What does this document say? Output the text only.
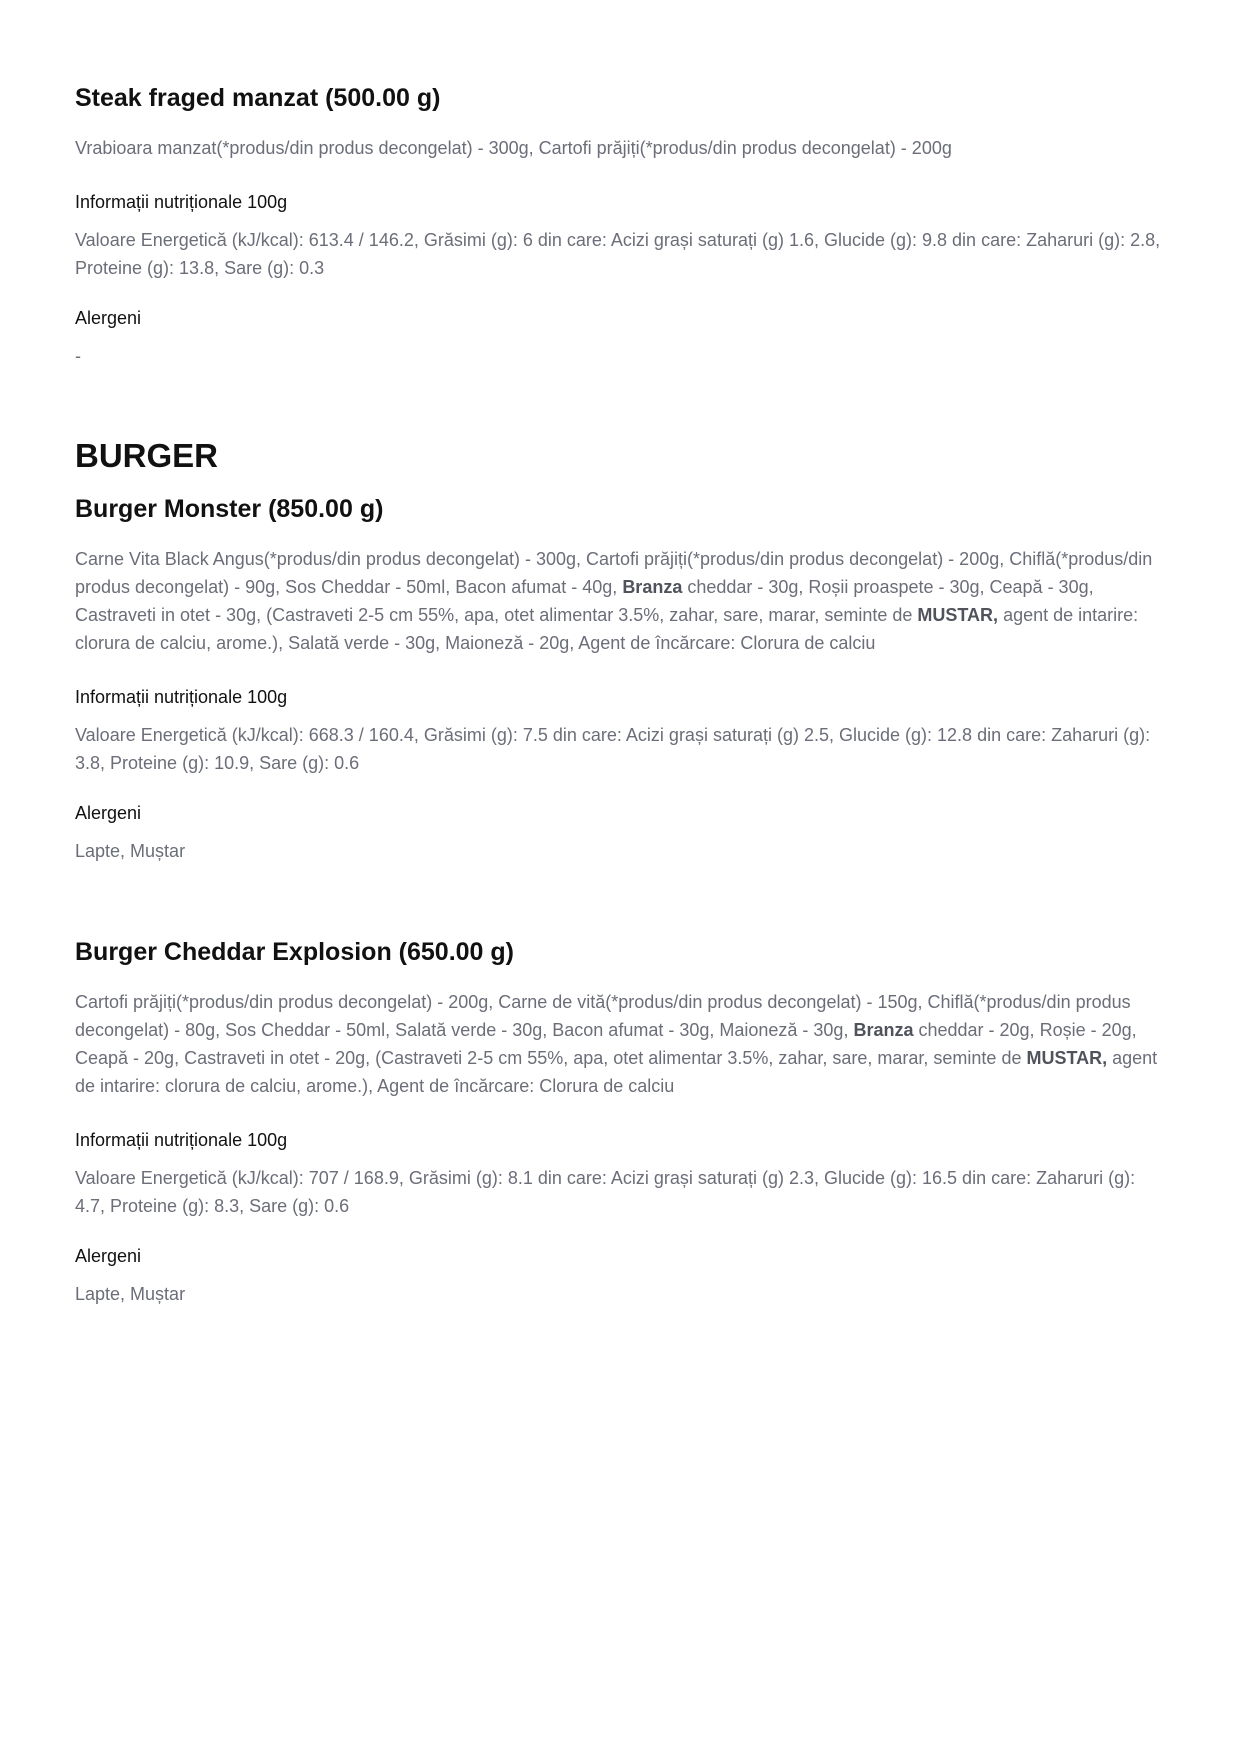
Steak fraged manzat (500.00 g)

Vrabioara manzat(*produs/din produs decongelat) - 300g, Cartofi prăjiți(*produs/din produs decongelat) - 200g

Informații nutriționale 100g

Valoare Energetică (kJ/kcal): 613.4 / 146.2, Grăsimi (g): 6 din care: Acizi grași saturați (g) 1.6, Glucide (g): 9.8 din care: Zaharuri (g): 2.8, Proteine (g): 13.8, Sare (g): 0.3

Alergeni

-

BURGER
Burger Monster (850.00 g)

Carne Vita Black Angus(*produs/din produs decongelat) - 300g, Cartofi prăjiți(*produs/din produs decongelat) - 200g, Chiflă(*produs/din produs decongelat) - 90g, Sos Cheddar - 50ml, Bacon afumat - 40g, Branza cheddar - 30g, Roșii proaspete - 30g, Ceapă - 30g, Castraveti in otet - 30g, (Castraveti 2-5 cm 55%, apa, otet alimentar 3.5%, zahar, sare, marar, seminte de MUSTAR, agent de intarire: clorura de calciu, arome.), Salată verde - 30g, Maioneză - 20g, Agent de încărcare: Clorura de calciu

Informații nutriționale 100g

Valoare Energetică (kJ/kcal): 668.3 / 160.4, Grăsimi (g): 7.5 din care: Acizi grași saturați (g) 2.5, Glucide (g): 12.8 din care: Zaharuri (g): 3.8, Proteine (g): 10.9, Sare (g): 0.6

Alergeni

Lapte, Muștar

Burger Cheddar Explosion (650.00 g)

Cartofi prăjiți(*produs/din produs decongelat) - 200g, Carne de vită(*produs/din produs decongelat) - 150g, Chiflă(*produs/din produs decongelat) - 80g, Sos Cheddar - 50ml, Salată verde - 30g, Bacon afumat - 30g, Maioneză - 30g, Branza cheddar - 20g, Roșie - 20g, Ceapă - 20g, Castraveti in otet - 20g, (Castraveti 2-5 cm 55%, apa, otet alimentar 3.5%, zahar, sare, marar, seminte de MUSTAR, agent de intarire: clorura de calciu, arome.), Agent de încărcare: Clorura de calciu

Informații nutriționale 100g

Valoare Energetică (kJ/kcal): 707 / 168.9, Grăsimi (g): 8.1 din care: Acizi grași saturați (g) 2.3, Glucide (g): 16.5 din care: Zaharuri (g): 4.7, Proteine (g): 8.3, Sare (g): 0.6

Alergeni

Lapte, Muștar
